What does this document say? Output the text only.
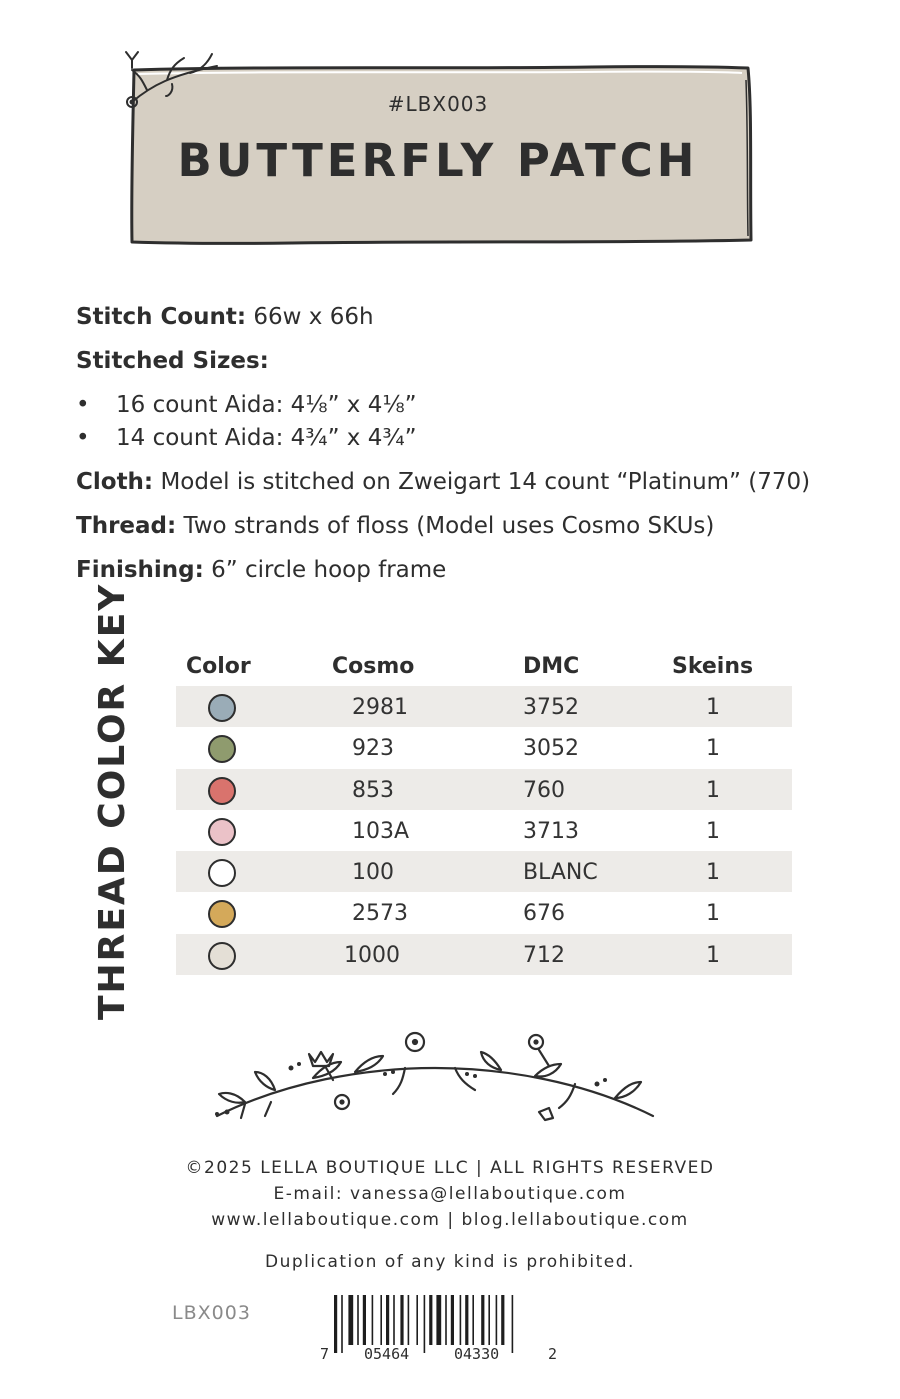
#LBX003
BUTTERFLY PATCH
Stitch Count: 66w x 66h
Stitched Sizes:
• 16 count Aida: 4⅛” x 4⅛”
• 14 count Aida: 4¾” x 4¾”
Cloth: Model is stitched on Zweigart 14 count “Platinum” (770)
Thread: Two strands of floss (Model uses Cosmo SKUs)
Finishing: 6” circle hoop frame
THREAD COLOR KEY Color	Cosmo	DMC	Skeins
2981	3752	1
923	3052	1
853	760	1
103A	3713	1
100	BLANC	1
2573	676	1
1000	712	1
©2025 LELLA BOUTIQUE LLC | ALL RIGHTS RESERVED
E-mail: vanessa@lellaboutique.com
www.lellaboutique.com | blog.lellaboutique.com
Duplication of any kind is prohibited.
LBX003
7 05464	04330	2
